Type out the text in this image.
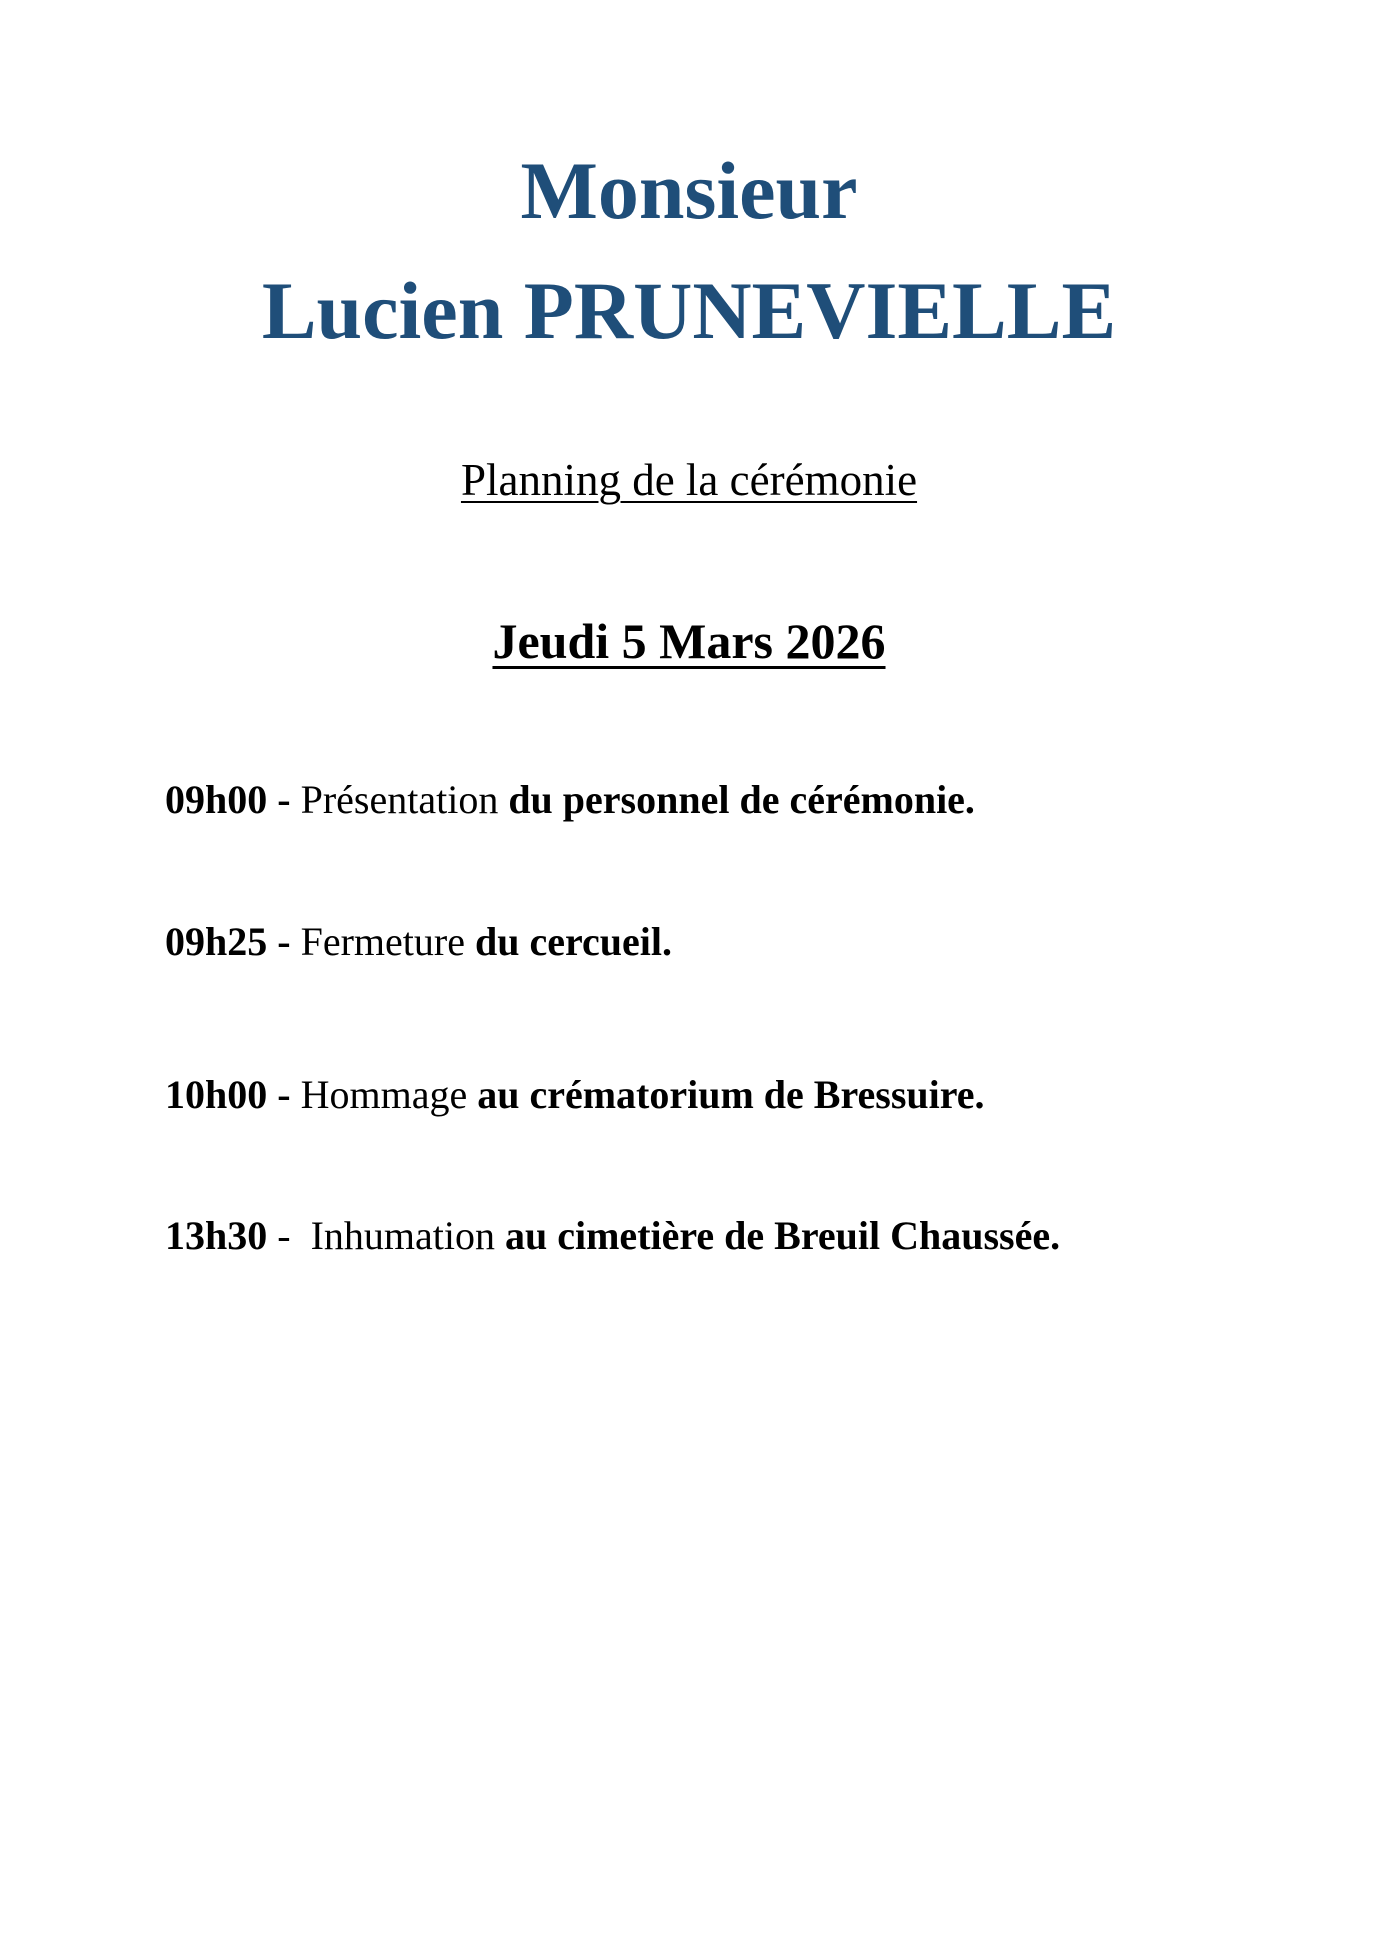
Monsieur
Lucien PRUNEVIELLE
Planning de la cérémonie
Jeudi 5 Mars 2026
09h00 - Présentation du personnel de cérémonie.
09h25 - Fermeture du cercueil.
10h00 - Hommage au crématorium de Bressuire.
13h30 -  Inhumation au cimetière de Breuil Chaussée.
